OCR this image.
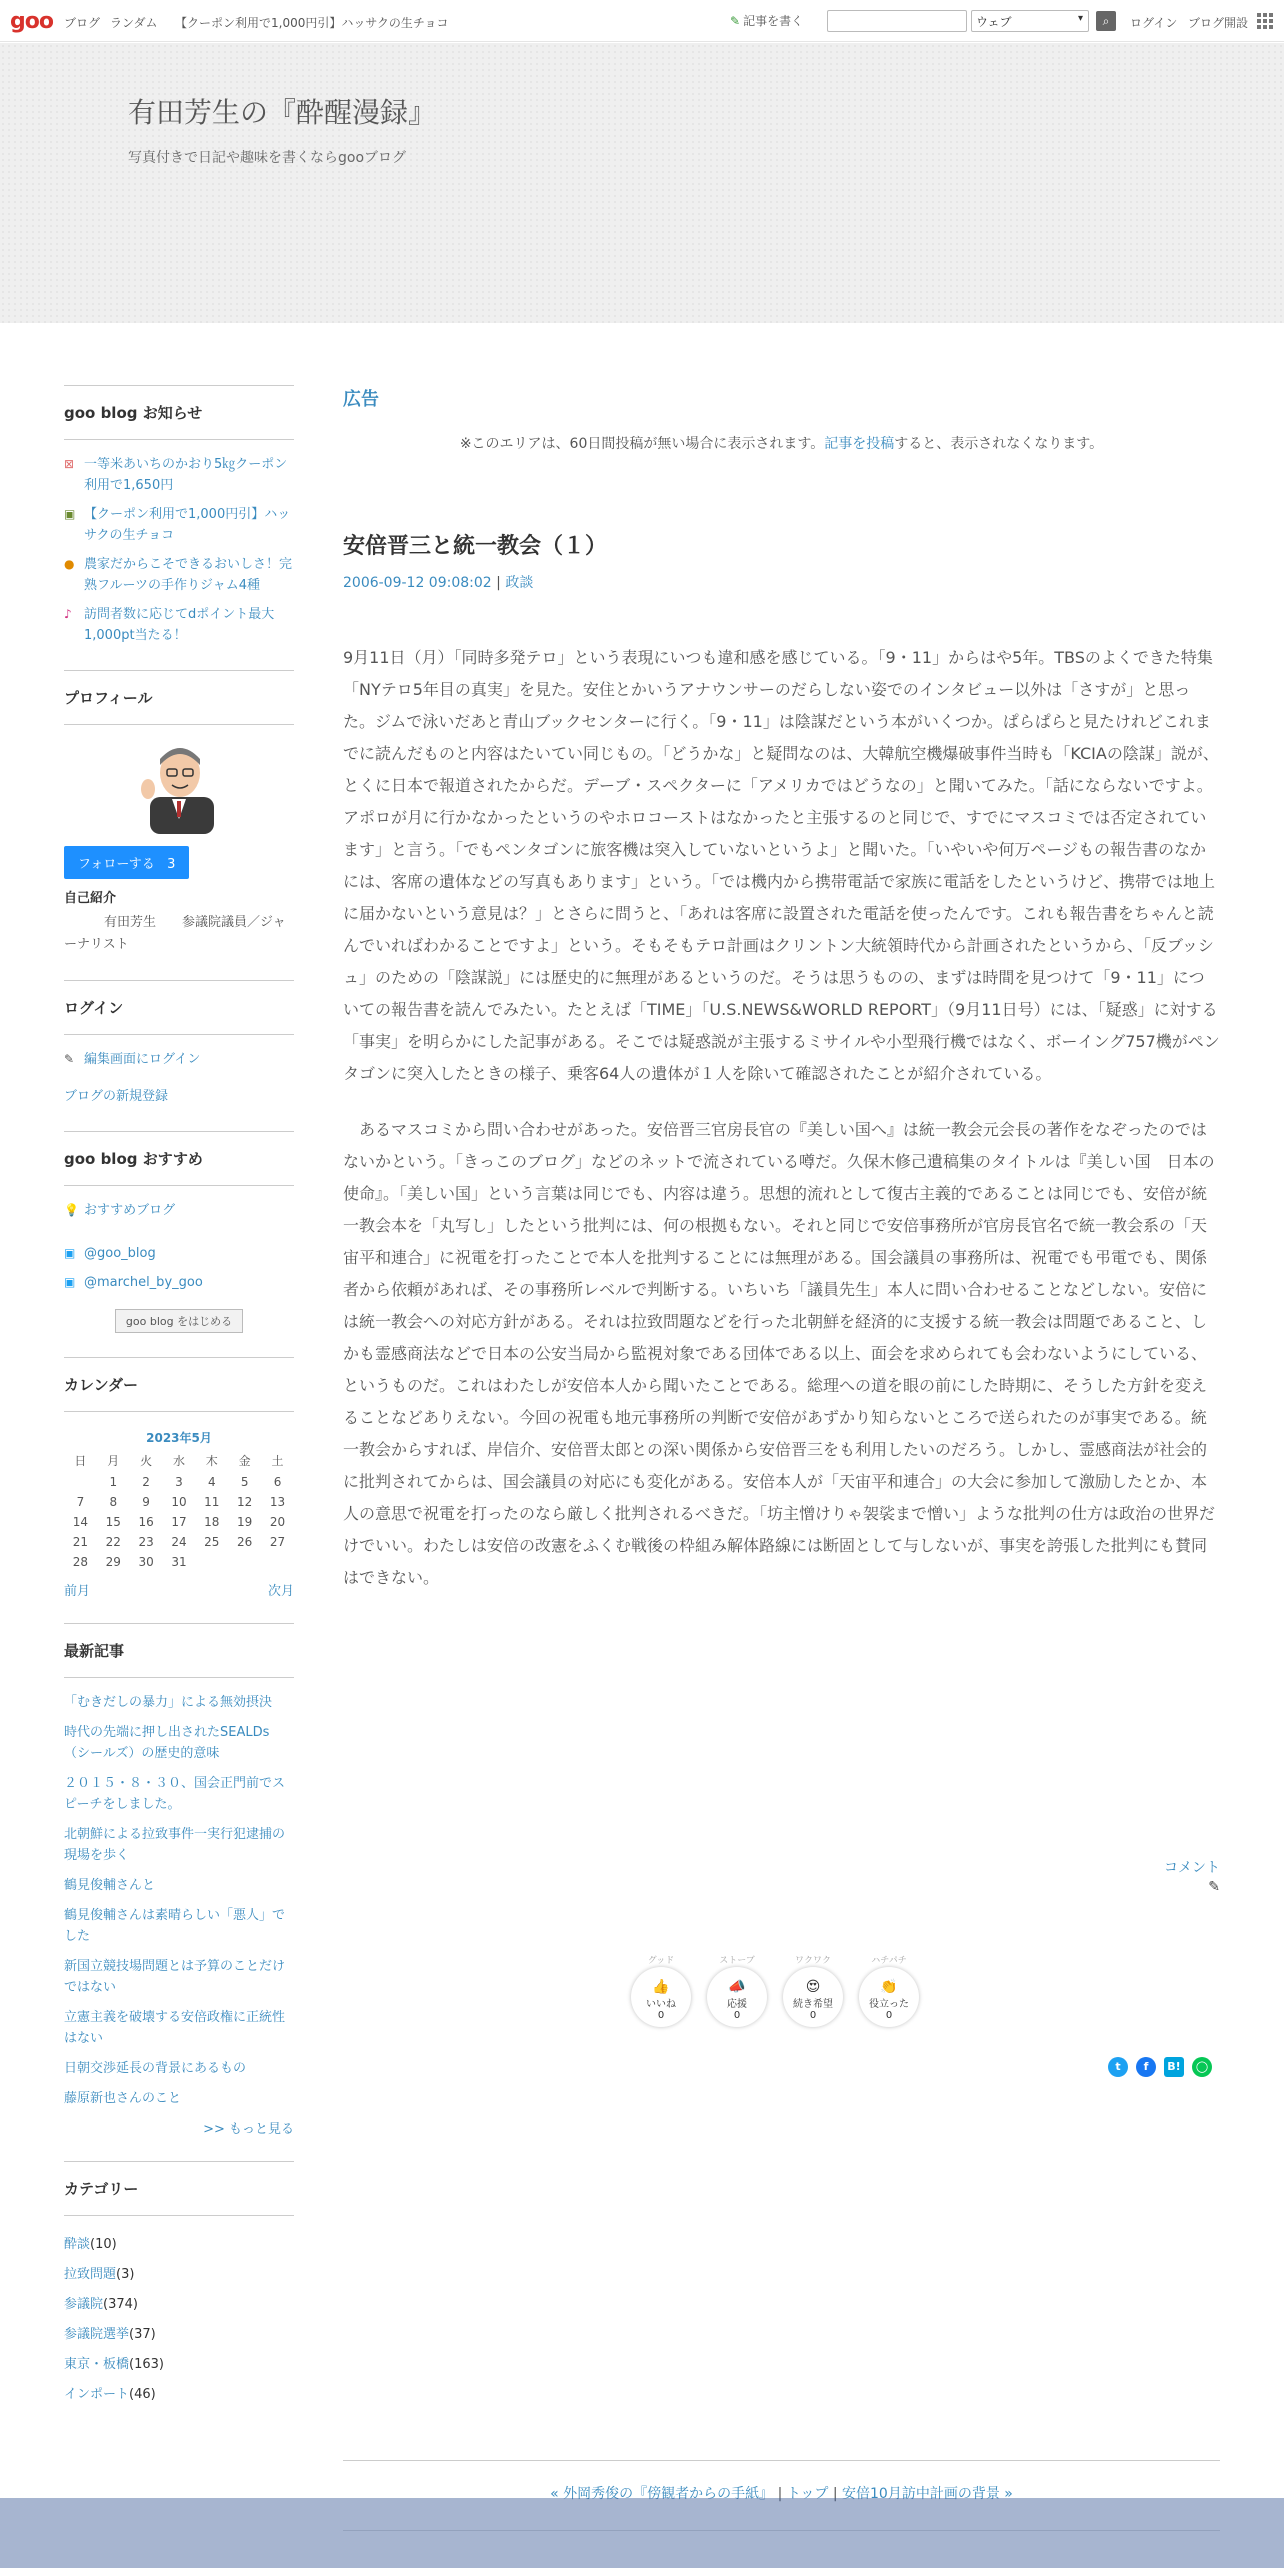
goo ブログ ランダム 【クーポン利用で1,000円引】ハッサクの生チョコ	✎ 記事を書く	ウェブ	▾	⌕	ログイン ブログ開設
有田芳生の『酔醒漫録』
写真付きで日記や趣味を書くならgooブログ
goo blog お知らせ
⊠ 一等米あいちのかおり5㎏クーポン利用で1,650円
▣ 【クーポン利用で1,000円引】ハッサクの生チョコ
● 農家だからこそできるおいしさ！完熟フルーツの手作りジャム4種
♪ 訪問者数に応じてdポイント最大1,000pt当たる！
プロフィール
フォローする 3
自己紹介
有田芳生　　参議院議員／ジャーナリスト
ログイン
✎ 編集画面にログイン
ブログの新規登録
goo blog おすすめ
💡 おすすめブログ
▣ @goo_blog
▣ @marchel_by_goo
goo blog をはじめる
カレンダー
2023年5月						
日	月	火	水	木	金	土
	1	2	3	4	5	6
7	8	9	10	11	12	13
14	15	16	17	18	19	20
21	22	23	24	25	26	27
28	29	30	31			
前月	次月
最新記事
「むきだしの暴力」による無効摂決
時代の先端に押し出されたSEALDs（シールズ）の歴史的意味
２０１５・８・３０、国会正門前でスピーチをしました。
北朝鮮による拉致事件一実行犯逮捕の現場を歩く
鶴見俊輔さんと
鶴見俊輔さんは素晴らしい「悪人」でした
新国立競技場問題とは予算のことだけではない
立憲主義を破壊する安倍政権に正統性はない
日朝交渉延長の背景にあるもの
藤原新也さんのこと
>> もっと見る
カテゴリー
酔談(10)
拉致問題(3)
参議院(374)
参議院選挙(37)
東京・板橋(163)
インポート(46)
広告
※このエリアは、60日間投稿が無い場合に表示されます。記事を投稿すると、表示されなくなります。
安倍晋三と統一教会（１）
2006-09-12 09:08:02 | 政談

9月11日（月）「同時多発テロ」という表現にいつも違和感を感じている。「9・11」からはや5年。TBSのよくできた特集「NYテロ5年目の真実」を見た。安住とかいうアナウンサーのだらしない姿でのインタビュー以外は「さすが」と思った。ジムで泳いだあと青山ブックセンターに行く。「9・11」は陰謀だという本がいくつか。ぱらぱらと見たけれどこれまでに読んだものと内容はたいてい同じもの。「どうかな」と疑問なのは、大韓航空機爆破事件当時も「KCIAの陰謀」説が、とくに日本で報道されたからだ。デーブ・スペクターに「アメリカではどうなの」と聞いてみた。「話にならないですよ。アポロが月に行かなかったというのやホロコーストはなかったと主張するのと同じで、すでにマスコミでは否定されています」と言う。「でもペンタゴンに旅客機は突入していないというよ」と聞いた。「いやいや何万ページもの報告書のなかには、客席の遺体などの写真もあります」という。「では機内から携帯電話で家族に電話をしたというけど、携帯では地上に届かないという意見は？」とさらに問うと、「あれは客席に設置された電話を使ったんです。これも報告書をちゃんと読んでいればわかることですよ」という。そもそもテロ計画はクリントン大統領時代から計画されたというから、「反ブッシュ」のための「陰謀説」には歴史的に無理があるというのだ。そうは思うものの、まずは時間を見つけて「9・11」についての報告書を読んでみたい。たとえば「TIME」「U.S.NEWS&WORLD REPORT」（9月11日号）には、「疑惑」に対する「事実」を明らかにした記事がある。そこでは疑惑説が主張するミサイルや小型飛行機ではなく、ボーイング757機がペンタゴンに突入したときの様子、乗客64人の遺体が１人を除いて確認されたことが紹介されている。

　あるマスコミから問い合わせがあった。安倍晋三官房長官の『美しい国へ』は統一教会元会長の著作をなぞったのではないかという。「きっこのブログ」などのネットで流されている噂だ。久保木修己遺稿集のタイトルは『美しい国　日本の使命』。「美しい国」という言葉は同じでも、内容は違う。思想的流れとして復古主義的であることは同じでも、安倍が統一教会本を「丸写し」したという批判には、何の根拠もない。それと同じで安倍事務所が官房長官名で統一教会系の「天宙平和連合」に祝電を打ったことで本人を批判することには無理がある。国会議員の事務所は、祝電でも弔電でも、関係者から依頼があれば、その事務所レベルで判断する。いちいち「議員先生」本人に問い合わせることなどしない。安倍には統一教会への対応方針がある。それは拉致問題などを行った北朝鮮を経済的に支援する統一教会は問題であること、しかも霊感商法などで日本の公安当局から監視対象である団体である以上、面会を求められても会わないようにしている、というものだ。これはわたしが安倍本人から聞いたことである。総理への道を眼の前にした時期に、そうした方針を変えることなどありえない。今回の祝電も地元事務所の判断で安倍があずかり知らないところで送られたのが事実である。統一教会からすれば、岸信介、安倍晋太郎との深い関係から安倍晋三をも利用したいのだろう。しかし、霊感商法が社会的に批判されてからは、国会議員の対応にも変化がある。安倍本人が「天宙平和連合」の大会に参加して激励したとか、本人の意思で祝電を打ったのなら厳しく批判されるべきだ。「坊主憎けりゃ袈裟まで憎い」ような批判の仕方は政治の世界だけでいい。わたしは安倍の改憲をふくむ戦後の枠組み解体路線には断固として与しないが、事実を誇張した批判にも賛同はできない。

コメント
✎
グッド
👍
いいね
0
ストーブ
📣
応援
0
ワクワク
😍
続き希望
0
ハチパチ
👏
役立った
0
t	f	B!	◯
« 外岡秀俊の『傍観者からの手紙』 | トップ | 安倍10月訪中計画の背景 »
